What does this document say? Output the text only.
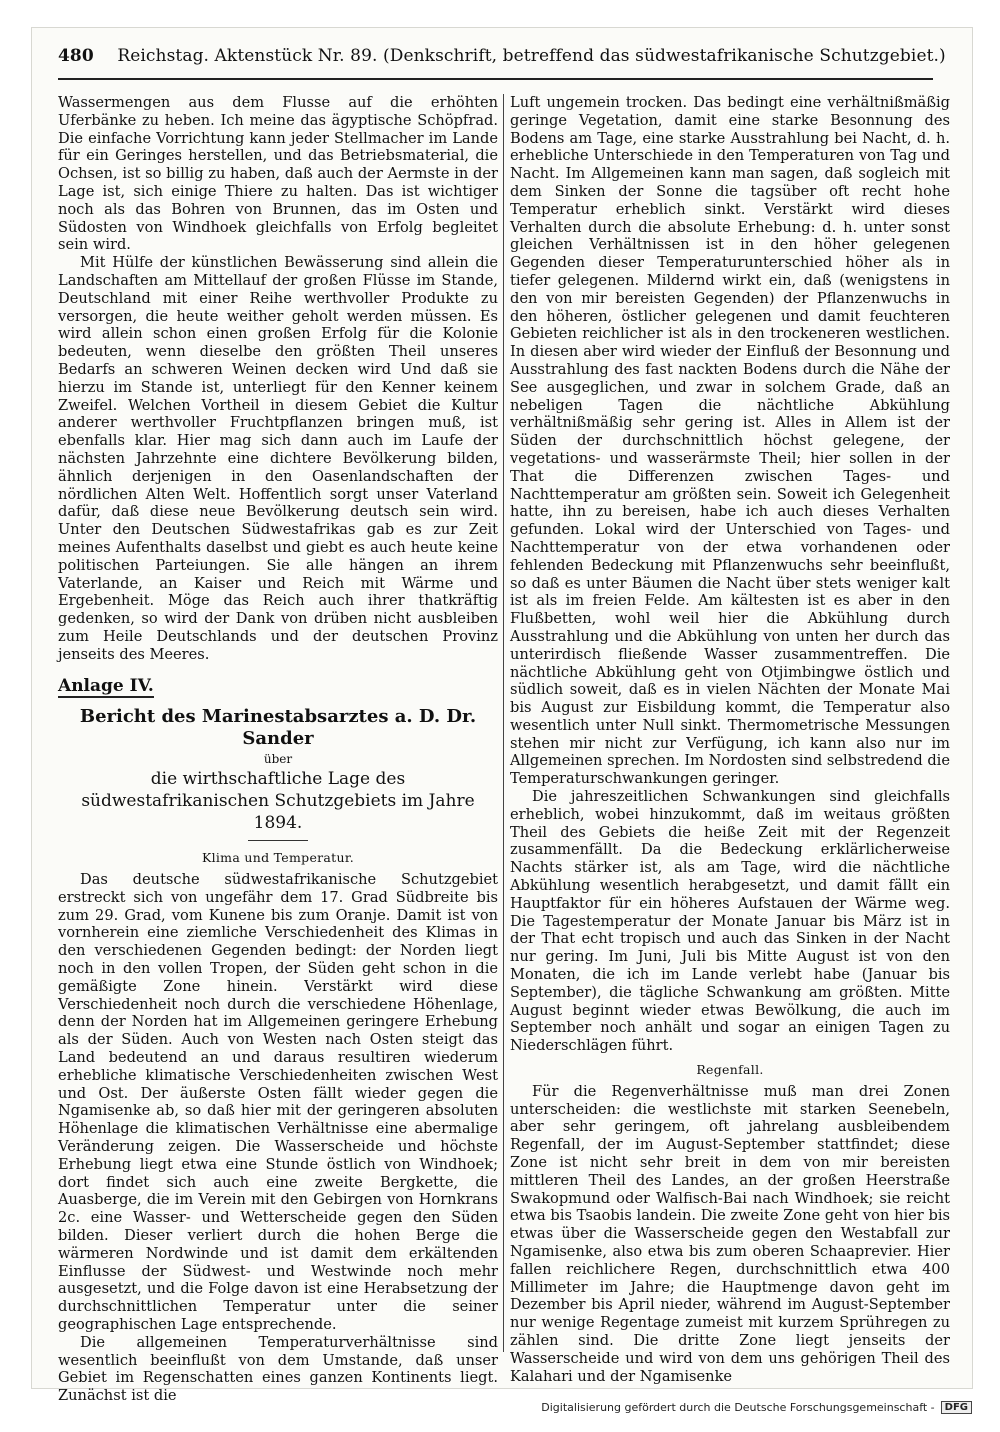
480 Reichstag. Aktenstück Nr. 89. (Denkschrift, betreffend das südwestafrikanische Schutzgebiet.)

Wassermengen aus dem Flusse auf die erhöhten Uferbänke zu heben. Ich meine das ägyptische Schöpfrad. Die einfache Vorrichtung kann jeder Stellmacher im Lande für ein Geringes herstellen, und das Betriebsmaterial, die Ochsen, ist so billig zu haben, daß auch der Aermste in der Lage ist, sich einige Thiere zu halten. Das ist wichtiger noch als das Bohren von Brunnen, das im Osten und Südosten von Windhoek gleichfalls von Erfolg begleitet sein wird.

Mit Hülfe der künstlichen Bewässerung sind allein die Landschaften am Mittellauf der großen Flüsse im Stande, Deutschland mit einer Reihe werthvoller Produkte zu versorgen, die heute weither geholt werden müssen. Es wird allein schon einen großen Erfolg für die Kolonie bedeuten, wenn dieselbe den größten Theil unseres Bedarfs an schweren Weinen decken wird Und daß sie hierzu im Stande ist, unterliegt für den Kenner keinem Zweifel. Welchen Vortheil in diesem Gebiet die Kultur anderer werthvoller Fruchtpflanzen bringen muß, ist ebenfalls klar. Hier mag sich dann auch im Laufe der nächsten Jahrzehnte eine dichtere Bevölkerung bilden, ähnlich derjenigen in den Oasenlandschaften der nördlichen Alten Welt. Hoffentlich sorgt unser Vaterland dafür, daß diese neue Bevölkerung deutsch sein wird. Unter den Deutschen Südwestafrikas gab es zur Zeit meines Aufenthalts daselbst und giebt es auch heute keine politischen Parteiungen. Sie alle hängen an ihrem Vaterlande, an Kaiser und Reich mit Wärme und Ergebenheit. Möge das Reich auch ihrer thatkräftig gedenken, so wird der Dank von drüben nicht ausbleiben zum Heile Deutschlands und der deutschen Provinz jenseits des Meeres.

Anlage IV.
Bericht des Marinestabsarztes a. D. Dr. Sander
über
die wirthschaftliche Lage des südwestafrikanischen Schutzgebiets im Jahre 1894.
Klima und Temperatur.

Das deutsche südwestafrikanische Schutzgebiet erstreckt sich von ungefähr dem 17. Grad Südbreite bis zum 29. Grad, vom Kunene bis zum Oranje. Damit ist von vornherein eine ziemliche Verschiedenheit des Klimas in den verschiedenen Gegenden bedingt: der Norden liegt noch in den vollen Tropen, der Süden geht schon in die gemäßigte Zone hinein. Verstärkt wird diese Verschiedenheit noch durch die verschiedene Höhenlage, denn der Norden hat im Allgemeinen geringere Erhebung als der Süden. Auch von Westen nach Osten steigt das Land bedeutend an und daraus resultiren wiederum erhebliche klimatische Verschiedenheiten zwischen West und Ost. Der äußerste Osten fällt wieder gegen die Ngamisenke ab, so daß hier mit der geringeren absoluten Höhenlage die klimatischen Verhältnisse eine abermalige Veränderung zeigen. Die Wasserscheide und höchste Erhebung liegt etwa eine Stunde östlich von Windhoek; dort findet sich auch eine zweite Bergkette, die Auasberge, die im Verein mit den Gebirgen von Hornkrans 2c. eine Wasser- und Wetterscheide gegen den Süden bilden. Dieser verliert durch die hohen Berge die wärmeren Nordwinde und ist damit dem erkältenden Einflusse der Südwest- und Westwinde noch mehr ausgesetzt, und die Folge davon ist eine Herabsetzung der durchschnittlichen Temperatur unter die seiner geographischen Lage entsprechende.

Die allgemeinen Temperaturverhältnisse sind wesentlich beeinflußt von dem Umstande, daß unser Gebiet im Regenschatten eines ganzen Kontinents liegt. Zunächst ist die

Luft ungemein trocken. Das bedingt eine verhältnißmäßig geringe Vegetation, damit eine starke Besonnung des Bodens am Tage, eine starke Ausstrahlung bei Nacht, d. h. erhebliche Unterschiede in den Temperaturen von Tag und Nacht. Im Allgemeinen kann man sagen, daß sogleich mit dem Sinken der Sonne die tagsüber oft recht hohe Temperatur erheblich sinkt. Verstärkt wird dieses Verhalten durch die absolute Erhebung: d. h. unter sonst gleichen Verhältnissen ist in den höher gelegenen Gegenden dieser Temperaturunterschied höher als in tiefer gelegenen. Mildernd wirkt ein, daß (wenigstens in den von mir bereisten Gegenden) der Pflanzenwuchs in den höheren, östlicher gelegenen und damit feuchteren Gebieten reichlicher ist als in den trockeneren westlichen. In diesen aber wird wieder der Einfluß der Besonnung und Ausstrahlung des fast nackten Bodens durch die Nähe der See ausgeglichen, und zwar in solchem Grade, daß an nebeligen Tagen die nächtliche Abkühlung verhältnißmäßig sehr gering ist. Alles in Allem ist der Süden der durchschnittlich höchst gelegene, der vegetations- und wasserärmste Theil; hier sollen in der That die Differenzen zwischen Tages- und Nachttemperatur am größten sein. Soweit ich Gelegenheit hatte, ihn zu bereisen, habe ich auch dieses Verhalten gefunden. Lokal wird der Unterschied von Tages- und Nachttemperatur von der etwa vorhandenen oder fehlenden Bedeckung mit Pflanzenwuchs sehr beeinflußt, so daß es unter Bäumen die Nacht über stets weniger kalt ist als im freien Felde. Am kältesten ist es aber in den Flußbetten, wohl weil hier die Abkühlung durch Ausstrahlung und die Abkühlung von unten her durch das unterirdisch fließende Wasser zusammentreffen. Die nächtliche Abkühlung geht von Otjimbingwe östlich und südlich soweit, daß es in vielen Nächten der Monate Mai bis August zur Eisbildung kommt, die Temperatur also wesentlich unter Null sinkt. Thermometrische Messungen stehen mir nicht zur Verfügung, ich kann also nur im Allgemeinen sprechen. Im Nordosten sind selbstredend die Temperaturschwankungen geringer.

Die jahreszeitlichen Schwankungen sind gleichfalls erheblich, wobei hinzukommt, daß im weitaus größten Theil des Gebiets die heiße Zeit mit der Regenzeit zusammenfällt. Da die Bedeckung erklärlicherweise Nachts stärker ist, als am Tage, wird die nächtliche Abkühlung wesentlich herabgesetzt, und damit fällt ein Hauptfaktor für ein höheres Aufstauen der Wärme weg. Die Tagestemperatur der Monate Januar bis März ist in der That echt tropisch und auch das Sinken in der Nacht nur gering. Im Juni, Juli bis Mitte August ist von den Monaten, die ich im Lande verlebt habe (Januar bis September), die tägliche Schwankung am größten. Mitte August beginnt wieder etwas Bewölkung, die auch im September noch anhält und sogar an einigen Tagen zu Niederschlägen führt.

Regenfall.

Für die Regenverhältnisse muß man drei Zonen unterscheiden: die westlichste mit starken Seenebeln, aber sehr geringem, oft jahrelang ausbleibendem Regenfall, der im August-September stattfindet; diese Zone ist nicht sehr breit in dem von mir bereisten mittleren Theil des Landes, an der großen Heerstraße Swakopmund oder Walfisch-Bai nach Windhoek; sie reicht etwa bis Tsaobis landein. Die zweite Zone geht von hier bis etwas über die Wasserscheide gegen den Westabfall zur Ngamisenke, also etwa bis zum oberen Schaaprevier. Hier fallen reichlichere Regen, durchschnittlich etwa 400 Millimeter im Jahre; die Hauptmenge davon geht im Dezember bis April nieder, während im August-September nur wenige Regentage zumeist mit kurzem Sprühregen zu zählen sind. Die dritte Zone liegt jenseits der Wasserscheide und wird von dem uns gehörigen Theil des Kalahari und der Ngamisenke

Digitalisierung gefördert durch die Deutsche Forschungsgemeinschaft -	DFG
